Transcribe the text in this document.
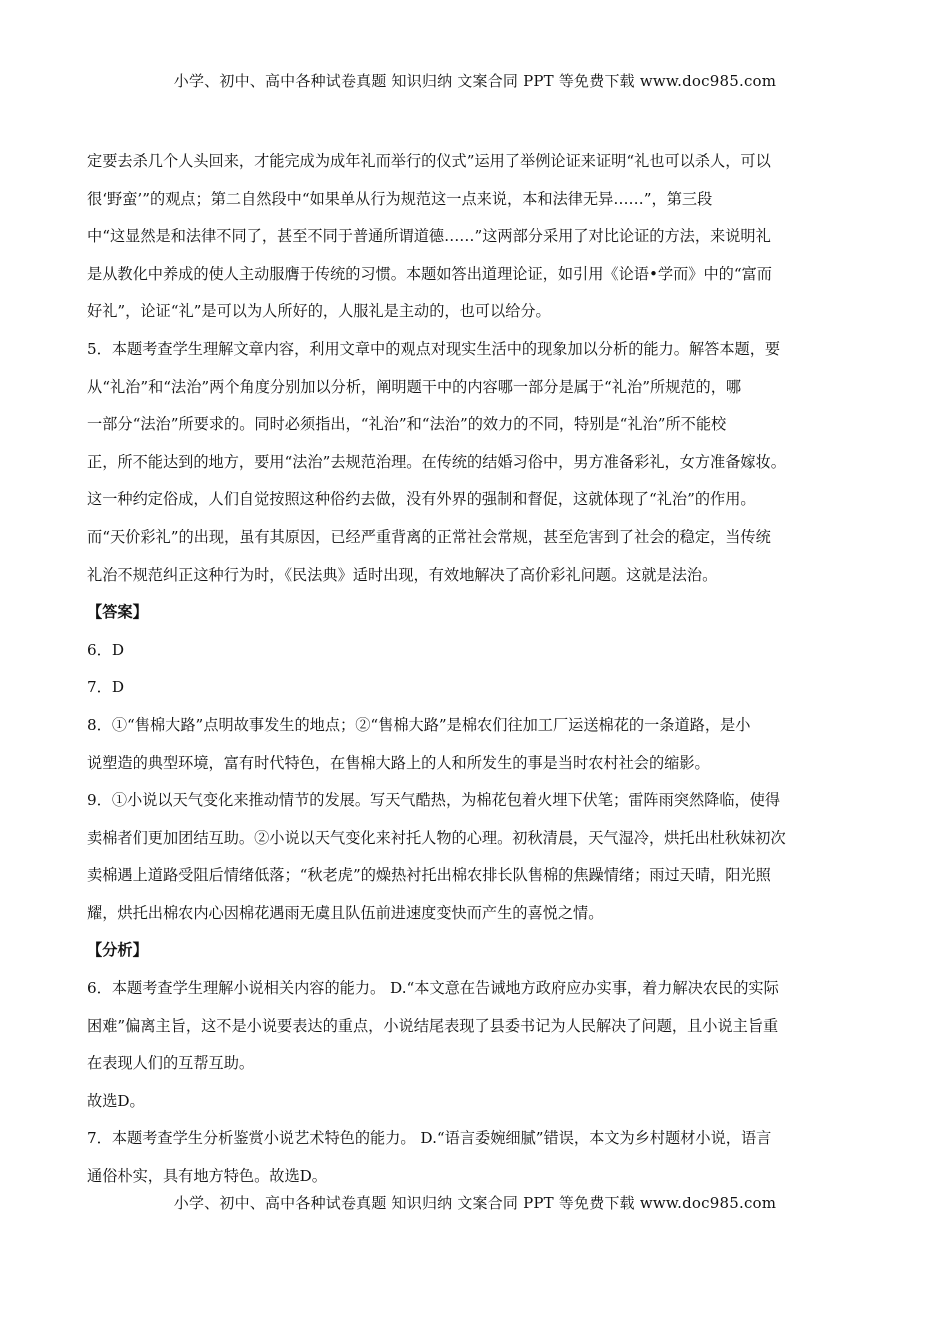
小学、初中、高中各种试卷真题 知识归纳 文案合同 PPT 等免费下载 www.doc985.com

定要去杀几个人头回来，才能完成为成年礼而举行的仪式”运用了举例论证来证明“礼也可以杀人，可以

很‘野蛮’”的观点；第二自然段中“如果单从行为规范这一点来说，本和法律无异……”，第三段

中“这显然是和法律不同了，甚至不同于普通所谓道德……”这两部分采用了对比论证的方法，来说明礼

是从教化中养成的使人主动服膺于传统的习惯。本题如答出道理论证，如引用《论语•学而》中的“富而

好礼”，论证“礼”是可以为人所好的，人服礼是主动的，也可以给分。

5．本题考查学生理解文章内容，利用文章中的观点对现实生活中的现象加以分析的能力。解答本题，要

从“礼治”和“法治”两个角度分别加以分析，阐明题干中的内容哪一部分是属于“礼治”所规范的，哪

一部分“法治”所要求的。同时必须指出，“礼治”和“法治”的效力的不同，特别是“礼治”所不能校

正，所不能达到的地方，要用“法治”去规范治理。在传统的结婚习俗中，男方准备彩礼，女方准备嫁妆。

这一种约定俗成，人们自觉按照这种俗约去做，没有外界的强制和督促，这就体现了“礼治”的作用。

而“天价彩礼”的出现，虽有其原因，已经严重背离的正常社会常规，甚至危害到了社会的稳定，当传统

礼治不规范纠正这种行为时，《民法典》适时出现，有效地解决了高价彩礼问题。这就是法治。

【答案】

6．D

7．D

8．①“售棉大路”点明故事发生的地点；②“售棉大路”是棉农们往加工厂运送棉花的一条道路，是小

说塑造的典型环境，富有时代特色，在售棉大路上的人和所发生的事是当时农村社会的缩影。

9．①小说以天气变化来推动情节的发展。写天气酷热，为棉花包着火埋下伏笔；雷阵雨突然降临，使得

卖棉者们更加团结互助。②小说以天气变化来衬托人物的心理。初秋清晨，天气湿冷，烘托出杜秋妹初次

卖棉遇上道路受阻后情绪低落；“秋老虎”的燥热衬托出棉农排长队售棉的焦躁情绪；雨过天晴，阳光照

耀，烘托出棉农内心因棉花遇雨无虞且队伍前进速度变快而产生的喜悦之情。

【分析】

6．本题考查学生理解小说相关内容的能力。 D.“本文意在告诫地方政府应办实事，着力解决农民的实际

困难”偏离主旨，这不是小说要表达的重点，小说结尾表现了县委书记为人民解决了问题，且小说主旨重

在表现人们的互帮互助。

故选D。

7．本题考查学生分析鉴赏小说艺术特色的能力。 D.“语言委婉细腻”错误，本文为乡村题材小说，语言

通俗朴实，具有地方特色。故选D。

小学、初中、高中各种试卷真题 知识归纳 文案合同 PPT 等免费下载 www.doc985.com
